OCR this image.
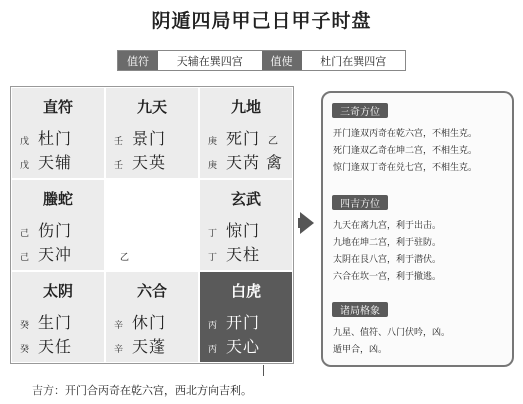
阴遁四局甲己日甲子时盘
值符	天辅在巽四宫	值使	杜门在巽四宫
直符
戊 杜门
戊 天辅
九天
壬 景门
壬 天英
九地
庚 死门 乙
庚 天芮 禽
螣蛇
己 伤门
己 天冲	乙
玄武
丁 惊门
丁 天柱
太阴
癸 生门
癸 天任
六合
辛 休门
辛 天蓬
白虎
丙 开门
丙 天心
三奇方位
开门逢双丙奇在乾六宫，不相生克。
死门逢双乙奇在坤二宫，不相生克。
惊门逢双丁奇在兑七宫，不相生克。
四吉方位
九天在离九宫，利于出击。
九地在坤二宫，利于驻防。
太阴在艮八宫，利于潜伏。
六合在坎一宫，利于撤逃。
诸局格象
九星、值符、八门伏吟，凶。
遁甲合，凶。
吉方：开门合丙奇在乾六宫，西北方向吉利。
